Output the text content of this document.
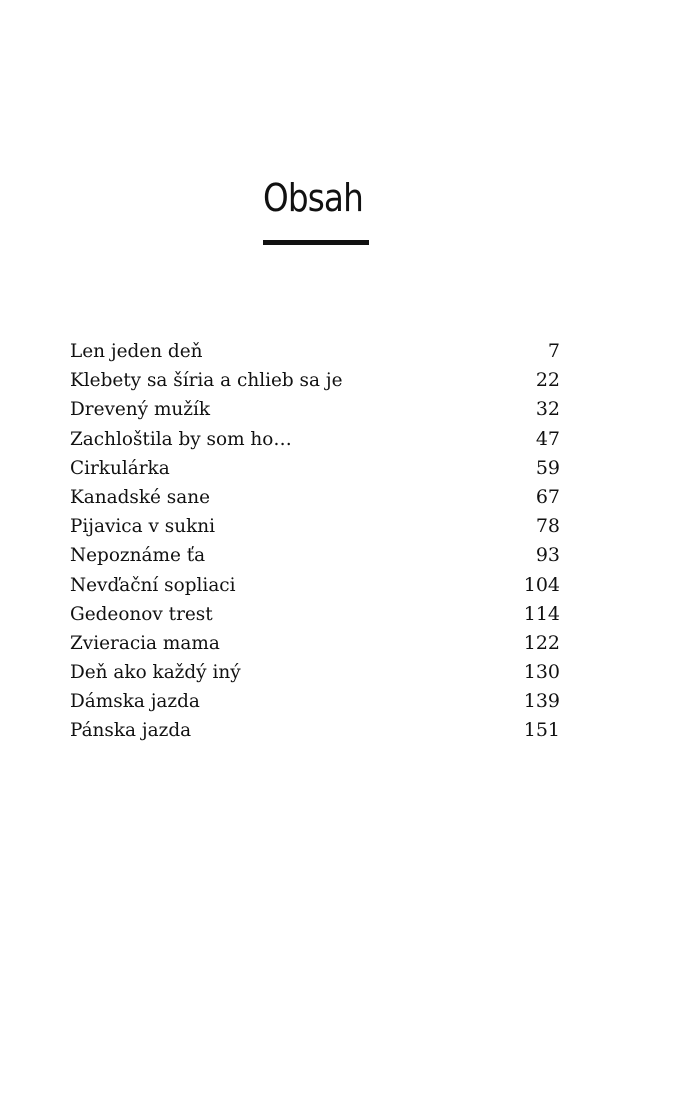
Obsah
Len jeden deň	7
Klebety sa šíria a chlieb sa je	22
Drevený mužík	32
Zachloštila by som ho…	47
Cirkulárka	59
Kanadské sane	67
Pijavica v sukni	78
Nepoznáme ťa	93
Nevďační sopliaci	104
Gedeonov trest	114
Zvieracia mama	122
Deň ako každý iný	130
Dámska jazda	139
Pánska jazda	151
